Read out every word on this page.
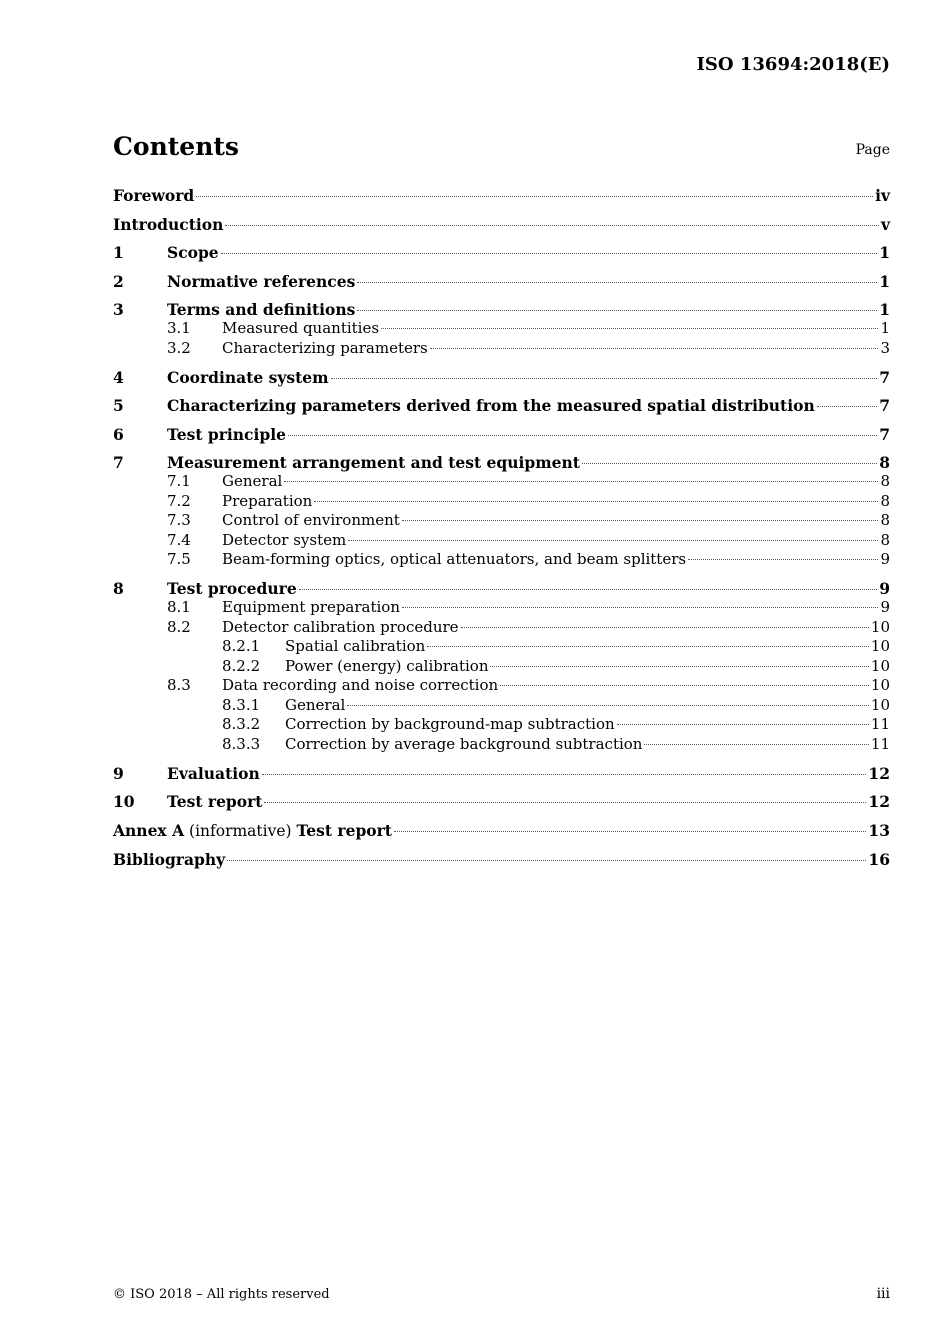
ISO 13694:2018(E)
Contents	Page
Foreword	iv
Introduction	v
1	Scope	1
2	Normative references	1
3	Terms and definitions	1
3.1	Measured quantities	1
3.2	Characterizing parameters	3
4	Coordinate system	7
5	Characterizing parameters derived from the measured spatial distribution	7
6	Test principle	7
7	Measurement arrangement and test equipment	8
7.1	General	8
7.2	Preparation	8
7.3	Control of environment	8
7.4	Detector system	8
7.5	Beam-forming optics, optical attenuators, and beam splitters	9
8	Test procedure	9
8.1	Equipment preparation	9
8.2	Detector calibration procedure	10
8.2.1	Spatial calibration	10
8.2.2	Power (energy) calibration	10
8.3	Data recording and noise correction	10
8.3.1	General	10
8.3.2	Correction by background-map subtraction	11
8.3.3	Correction by average background subtraction	11
9	Evaluation	12
10	Test report	12
Annex A (informative) Test report	13
Bibliography	16
© ISO 2018 – All rights reserved	iii
